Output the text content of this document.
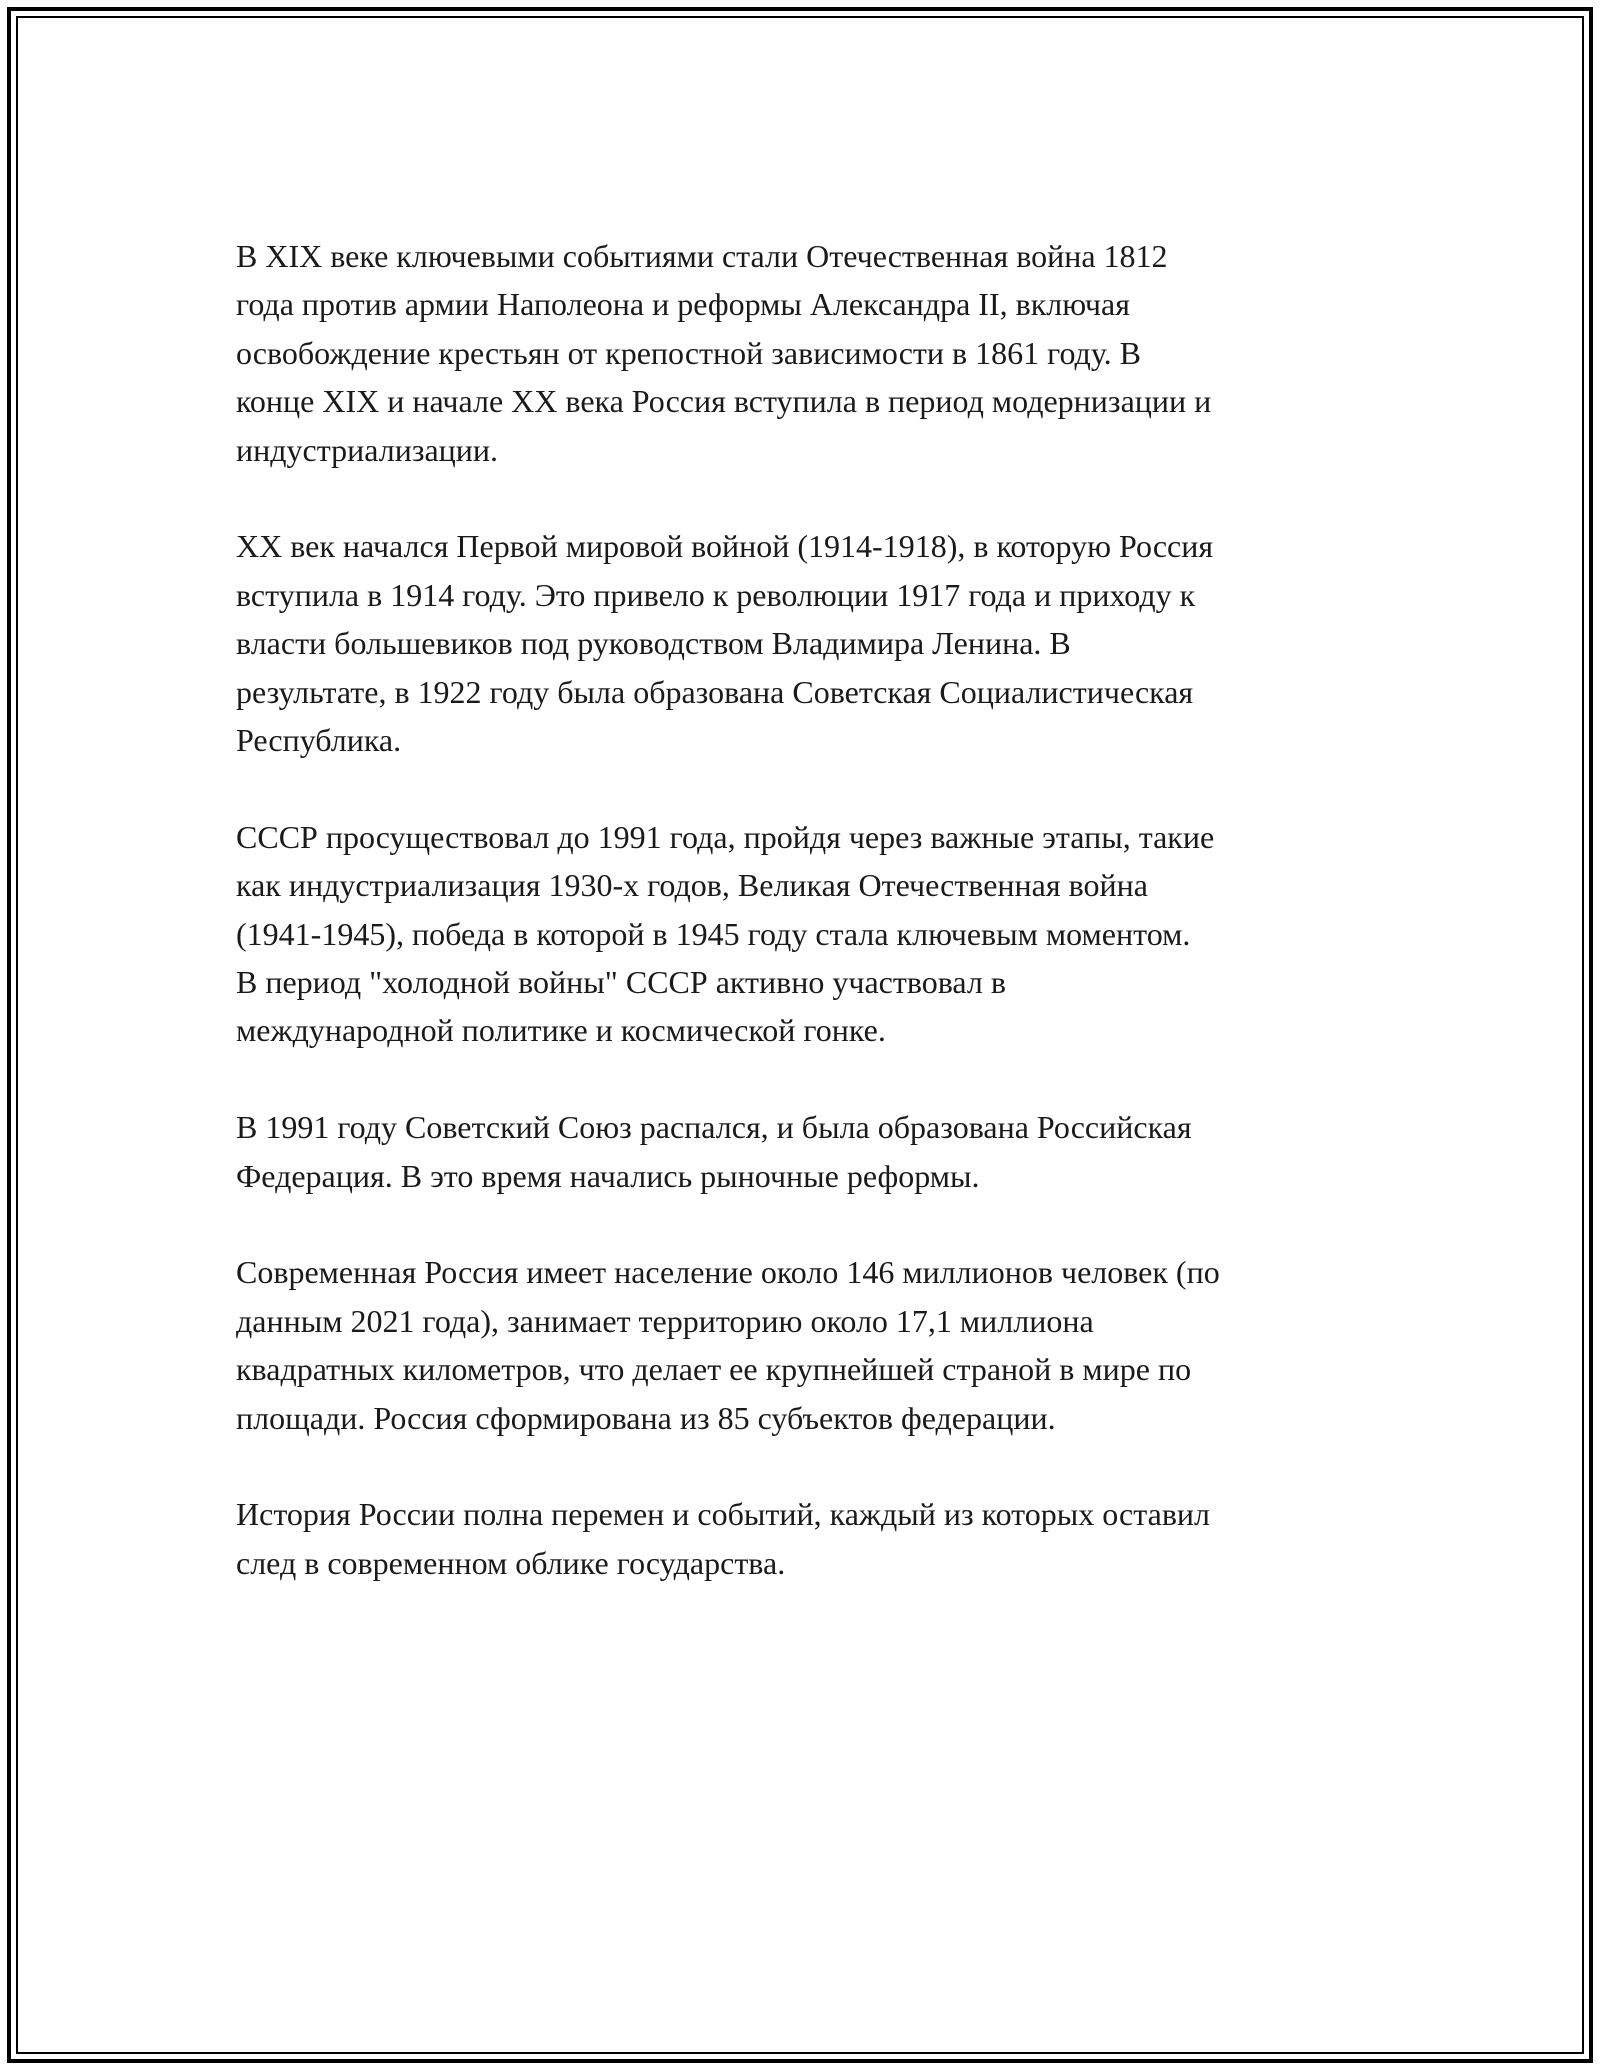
В XIX веке ключевыми событиями стали Отечественная война 1812
года против армии Наполеона и реформы Александра II, включая
освобождение крестьян от крепостной зависимости в 1861 году. В
конце XIX и начале XX века Россия вступила в период модернизации и
индустриализации.

XX век начался Первой мировой войной (1914-1918), в которую Россия
вступила в 1914 году. Это привело к революции 1917 года и приходу к
власти большевиков под руководством Владимира Ленина. В
результате, в 1922 году была образована Советская Социалистическая
Республика.

СССР просуществовал до 1991 года, пройдя через важные этапы, такие
как индустриализация 1930-х годов, Великая Отечественная война
(1941-1945), победа в которой в 1945 году стала ключевым моментом.
В период "холодной войны" СССР активно участвовал в
международной политике и космической гонке.

В 1991 году Советский Союз распался, и была образована Российская
Федерация. В это время начались рыночные реформы.

Современная Россия имеет население около 146 миллионов человек (по
данным 2021 года), занимает территорию около 17,1 миллиона
квадратных километров, что делает ее крупнейшей страной в мире по
площади. Россия сформирована из 85 субъектов федерации.

История России полна перемен и событий, каждый из которых оставил
след в современном облике государства.
